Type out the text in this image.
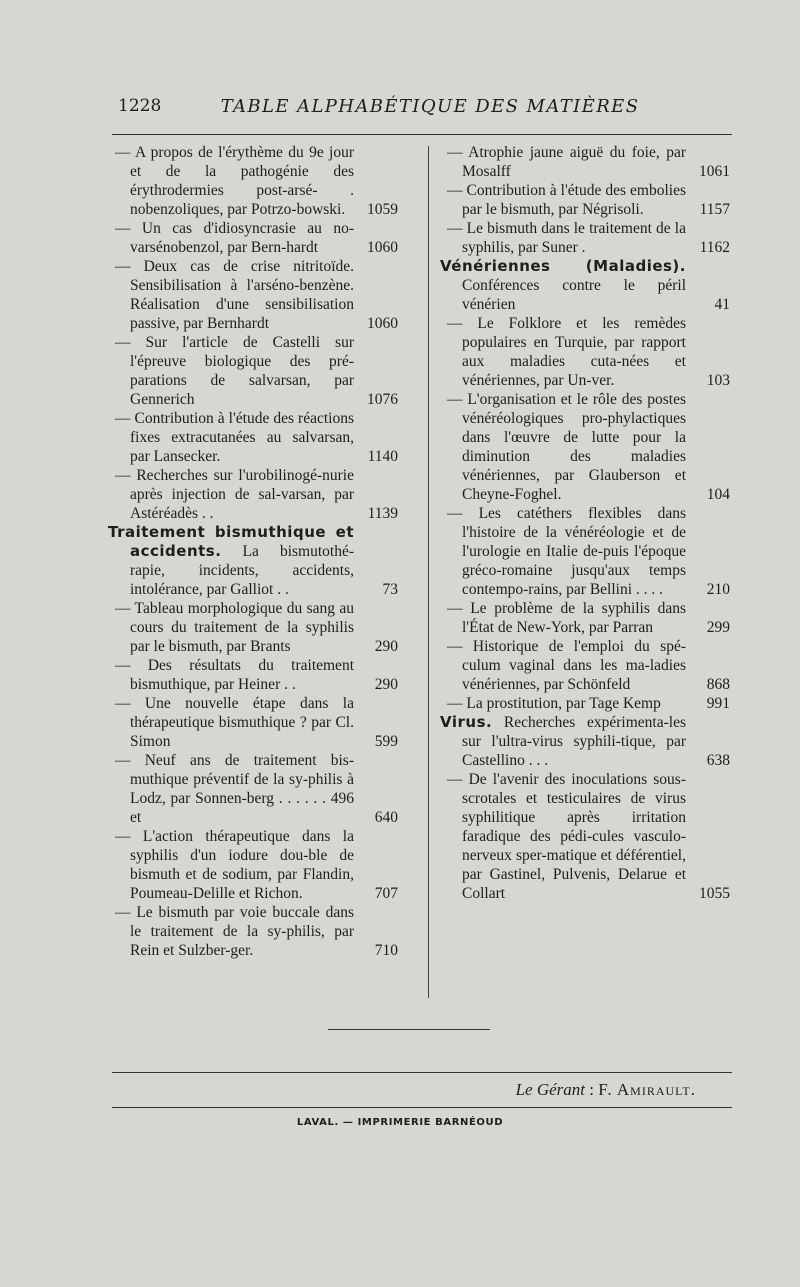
1228	TABLE ALPHABÉTIQUE DES MATIÈRES
— A propos de l'érythème du 9e jour et de la pathogénie des érythrodermies post-arsé- . nobenzoliques, par Potrzo-bowski. 1059
— Un cas d'idiosyncrasie au no-varsénobenzol, par Bern-hardt	1060
— Deux cas de crise nitritoïde. Sensibilisation à l'arséno-benzène. Réalisation d'une sensibilisation passive, par Bernhardt	1060
— Sur l'article de Castelli sur l'épreuve biologique des pré-parations de salvarsan, par Gennerich	1076
— Contribution à l'étude des réactions fixes extracutanées au salvarsan, par Lansecker.	1140
— Recherches sur l'urobilinogé-nurie après injection de sal-varsan, par Astéréadès . .	1139
Traitement bismuthique et accidents. La bismutothé-rapie, incidents, accidents, intolérance, par Galliot . .	73
— Tableau morphologique du sang au cours du traitement de la syphilis par le bismuth, par Brants	290
— Des résultats du traitement bismuthique, par Heiner . .	290
— Une nouvelle étape dans la thérapeutique bismuthique ? par Cl. Simon	599
— Neuf ans de traitement bis-muthique préventif de la sy-philis à Lodz, par Sonnen-berg . . . . . . 496 et	640
— L'action thérapeutique dans la syphilis d'un iodure dou-ble de bismuth et de sodium, par Flandin, Poumeau-Delille et Richon.	707
— Le bismuth par voie buccale dans le traitement de la sy-philis, par Rein et Sulzber-ger.	710
— Atrophie jaune aiguë du foie, par Mosalff	1061
— Contribution à l'étude des embolies par le bismuth, par Négrisoli.	1157
— Le bismuth dans le traitement de la syphilis, par Suner .	1162
Vénériennes (Maladies). Conférences contre le péril vénérien	41
— Le Folklore et les remèdes populaires en Turquie, par rapport aux maladies cuta-nées et vénériennes, par Un-ver.	103
— L'organisation et le rôle des postes vénéréologiques pro-phylactiques dans l'œuvre de lutte pour la diminution des maladies vénériennes, par Glauberson et Cheyne-Foghel.	104
— Les catéthers flexibles dans l'histoire de la vénéréologie et de l'urologie en Italie de-puis l'époque gréco-romaine jusqu'aux temps contempo-rains, par Bellini . . . .	210
— Le problème de la syphilis dans l'État de New-York, par Parran	299
— Historique de l'emploi du spé-culum vaginal dans les ma-ladies vénériennes, par Schönfeld	868
— La prostitution, par Tage Kemp	991
Virus. Recherches expérimenta-les sur l'ultra-virus syphili-tique, par Castellino . . .	638
— De l'avenir des inoculations sous-scrotales et testiculaires de virus syphilitique après irritation faradique des pédi-cules vasculo-nerveux sper-matique et déférentiel, par Gastinel, Pulvenis, Delarue et Collart	1055
Le Gérant : F. Amirault.
LAVAL. — IMPRIMERIE BARNÉOUD
